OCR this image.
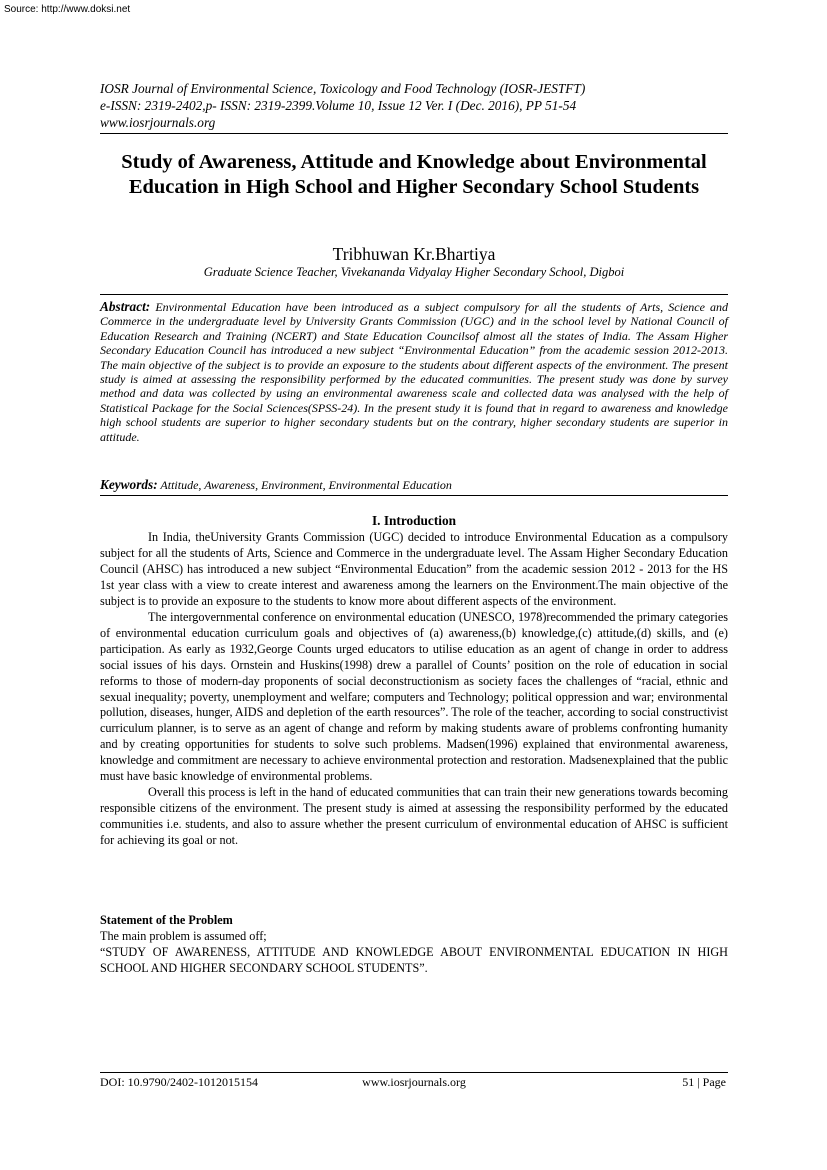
Source: http://www.doksi.net
IOSR Journal of Environmental Science, Toxicology and Food Technology (IOSR-JESTFT)
e-ISSN: 2319-2402,p- ISSN: 2319-2399.Volume 10, Issue 12 Ver. I (Dec. 2016), PP 51-54
www.iosrjournals.org
Study of Awareness, Attitude and Knowledge about Environmental Education in High School and Higher Secondary School Students
Tribhuwan Kr.Bhartiya
Graduate Science Teacher, Vivekananda Vidyalay Higher Secondary School, Digboi
Abstract: Environmental Education have been introduced as a subject compulsory for all the students of Arts, Science and Commerce in the undergraduate level by University Grants Commission (UGC) and in the school level by National Council of Education Research and Training (NCERT) and State Education Councilsof almost all the states of India. The Assam Higher Secondary Education Council has introduced a new subject “Environmental Education” from the academic session 2012-2013. The main objective of the subject is to provide an exposure to the students about different aspects of the environment. The present study is aimed at assessing the responsibility performed by the educated communities. The present study was done by survey method and data was collected by using an environmental awareness scale and collected data was analysed with the help of Statistical Package for the Social Sciences(SPSS-24). In the present study it is found that in regard to awareness and knowledge high school students are superior to higher secondary students but on the contrary, higher secondary students are superior in attitude.
Keywords: Attitude, Awareness, Environment, Environmental Education
I. Introduction

In India, theUniversity Grants Commission (UGC) decided to introduce Environmental Education as a compulsory subject for all the students of Arts, Science and Commerce in the undergraduate level. The Assam Higher Secondary Education Council (AHSC) has introduced a new subject “Environmental Education” from the academic session 2012 - 2013 for the HS 1st year class with a view to create interest and awareness among the learners on the Environment.The main objective of the subject is to provide an exposure to the students to know more about different aspects of the environment.

The intergovernmental conference on environmental education (UNESCO, 1978)recommended the primary categories of environmental education curriculum goals and objectives of (a) awareness,(b) knowledge,(c) attitude,(d) skills, and (e) participation. As early as 1932,George Counts urged educators to utilise education as an agent of change in order to address social issues of his days. Ornstein and Huskins(1998) drew a parallel of Counts’ position on the role of education in social reforms to those of modern-day proponents of social deconstructionism as society faces the challenges of “racial, ethnic and sexual inequality; poverty, unemployment and welfare; computers and Technology; political oppression and war; environmental pollution, diseases, hunger, AIDS and depletion of the earth resources”. The role of the teacher, according to social constructivist curriculum planner, is to serve as an agent of change and reform by making students aware of problems confronting humanity and by creating opportunities for students to solve such problems. Madsen(1996) explained that environmental awareness, knowledge and commitment are necessary to achieve environmental protection and restoration. Madsenexplained that the public must have basic knowledge of environmental problems.

Overall this process is left in the hand of educated communities that can train their new generations towards becoming responsible citizens of the environment. The present study is aimed at assessing the responsibility performed by the educated communities i.e. students, and also to assure whether the present curriculum of environmental education of AHSC is sufficient for achieving its goal or not.

Statement of the Problem
The main problem is assumed off;
“STUDY OF AWARENESS, ATTITUDE AND KNOWLEDGE ABOUT ENVIRONMENTAL EDUCATION IN HIGH SCHOOL AND HIGHER SECONDARY SCHOOL STUDENTS”.
DOI: 10.9790/2402-1012015154	www.iosrjournals.org	51 | Page
